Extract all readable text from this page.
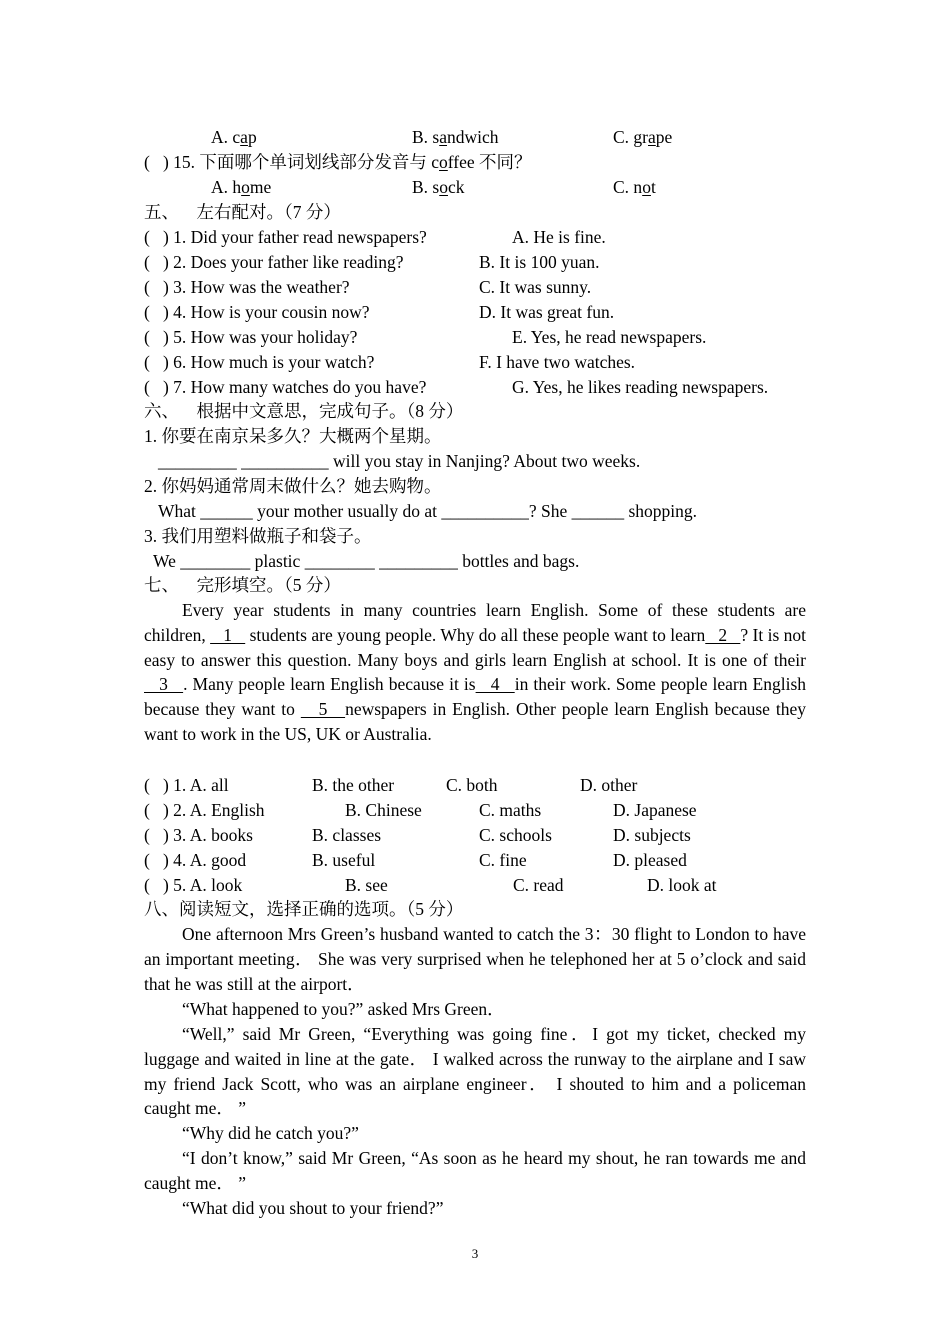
A. cap	B. sandwich	C. grape
(   ) 15. 下面哪个单词划线部分发音与 coffee 不同？
A. home	B. sock	C. not
五、    左右配对。（7 分）
(   ) 1. Did your father read newspapers?	A. He is fine.
(   ) 2. Does your father like reading?	B. It is 100 yuan.
(   ) 3. How was the weather?	C. It was sunny.
(   ) 4. How is your cousin now?	D. It was great fun.
(   ) 5. How was your holiday?	E. Yes, he read newspapers.
(   ) 6. How much is your watch?	F. I have two watches.
(   ) 7. How many watches do you have?	G. Yes, he likes reading newspapers.
六、    根据中文意思，完成句子。（8 分）
1. 你要在南京呆多久？大概两个星期。
_________ __________ will you stay in Nanjing? About two weeks.
2. 你妈妈通常周末做什么？她去购物。
What ______ your mother usually do at __________? She ______ shopping.
3. 我们用塑料做瓶子和袋子。
We ________ plastic ________ _________ bottles and bags.
七、    完形填空。（5 分）
Every year students in many countries learn English. Some of these students are children,    1    students are young people. Why do all these people want to learn   2   ? It is not easy to answer this question. Many boys and girls learn English at school. It is one of their    3   . Many people learn English because it is   4   in their work. Some people learn English because they want to    5   newspapers in English. Other people learn English because they want to work in the US, UK or Australia.
(   ) 1. A. all	B. the other	C. both	D. other
(   ) 2. A. English	B. Chinese	C. maths	D. Japanese
(   ) 3. A. books	B. classes	C. schools	D. subjects
(   ) 4. A. good	B. useful	C. fine	D. pleased
(   ) 5. A. look	B. see	C. read	D. look at
八、阅读短文，选择正确的选项。（5 分）
One afternoon Mrs Green’s husband wanted to catch the 3：30 flight to London to have an important meeting． She was very surprised when he telephoned her at 5 o’clock and said that he was still at the airport．
“What happened to you?” asked Mrs Green．
“Well,” said Mr Green, “Everything was going fine．I got my ticket, checked my luggage and waited in line at the gate． I walked across the runway to the airplane and I saw my friend Jack Scott, who was an airplane engineer． I shouted to him and a policeman caught me． ”
“Why did he catch you?”
“I don’t know,” said Mr Green, “As soon as he heard my shout, he ran towards me and caught me． ”
“What did you shout to your friend?”
3
